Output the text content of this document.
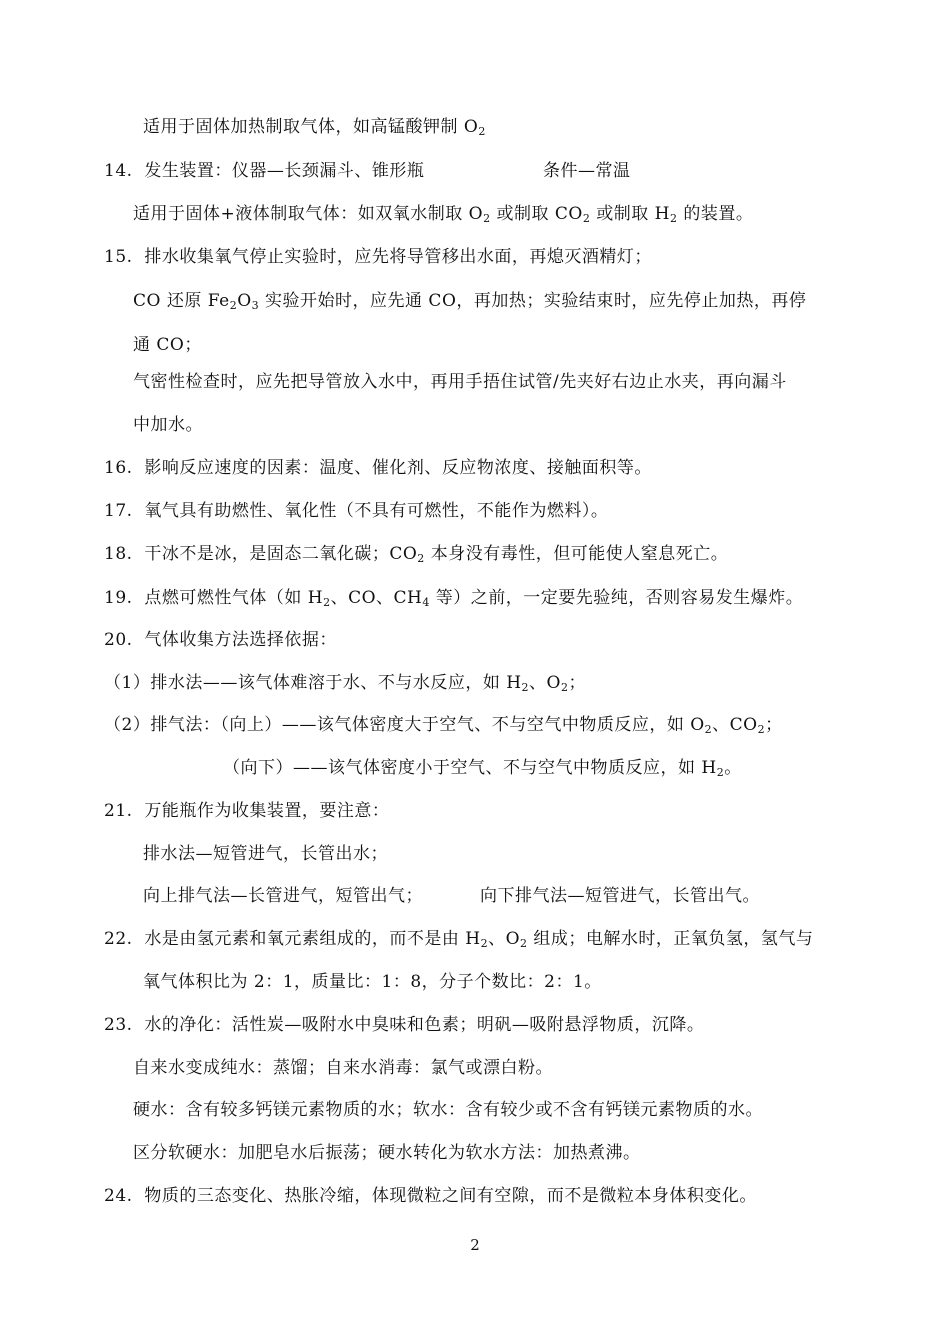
适用于固体加热制取气体，如高锰酸钾制 $O_2$
14.  发生装置：仪器—长颈漏斗、锥形瓶	条件—常温
适用于固体+液体制取气体：如双氧水制取 $O_2$ 或制取 $CO_2$ 或制取 $H_2$ 的装置。
15.  排水收集氧气停止实验时，应先将导管移出水面，再熄灭酒精灯；
CO 还原 $Fe_2O_3$ 实验开始时，应先通 CO，再加热；实验结束时，应先停止加热，再停
通 CO；
气密性检查时，应先把导管放入水中，再用手捂住试管/先夹好右边止水夹，再向漏斗
中加水。
16.  影响反应速度的因素：温度、催化剂、反应物浓度、接触面积等。
17.  氧气具有助燃性、氧化性（不具有可燃性，不能作为燃料）。
18.  干冰不是冰，是固态二氧化碳；$CO_2$ 本身没有毒性，但可能使人窒息死亡。
19.  点燃可燃性气体（如 $H_2$、CO、$CH_4$ 等）之前，一定要先验纯，否则容易发生爆炸。
20.  气体收集方法选择依据：
（1）排水法——该气体难溶于水、不与水反应，如 $H_2$、$O_2$；
（2）排气法：（向上）——该气体密度大于空气、不与空气中物质反应，如 $O_2$、$CO_2$；
（向下）——该气体密度小于空气、不与空气中物质反应，如 $H_2$。
21.  万能瓶作为收集装置，要注意：
排水法—短管进气，长管出水；
向上排气法—长管进气，短管出气；	向下排气法—短管进气，长管出气。
22.  水是由氢元素和氧元素组成的，而不是由 $H_2$、$O_2$ 组成；电解水时，正氧负氢，氢气与
氧气体积比为 2：1，质量比：1：8，分子个数比：2：1。
23.  水的净化：活性炭—吸附水中臭味和色素；明矾—吸附悬浮物质，沉降。
自来水变成纯水：蒸馏；自来水消毒：氯气或漂白粉。
硬水：含有较多钙镁元素物质的水；软水：含有较少或不含有钙镁元素物质的水。
区分软硬水：加肥皂水后振荡；硬水转化为软水方法：加热煮沸。
24.  物质的三态变化、热胀冷缩，体现微粒之间有空隙，而不是微粒本身体积变化。
2
